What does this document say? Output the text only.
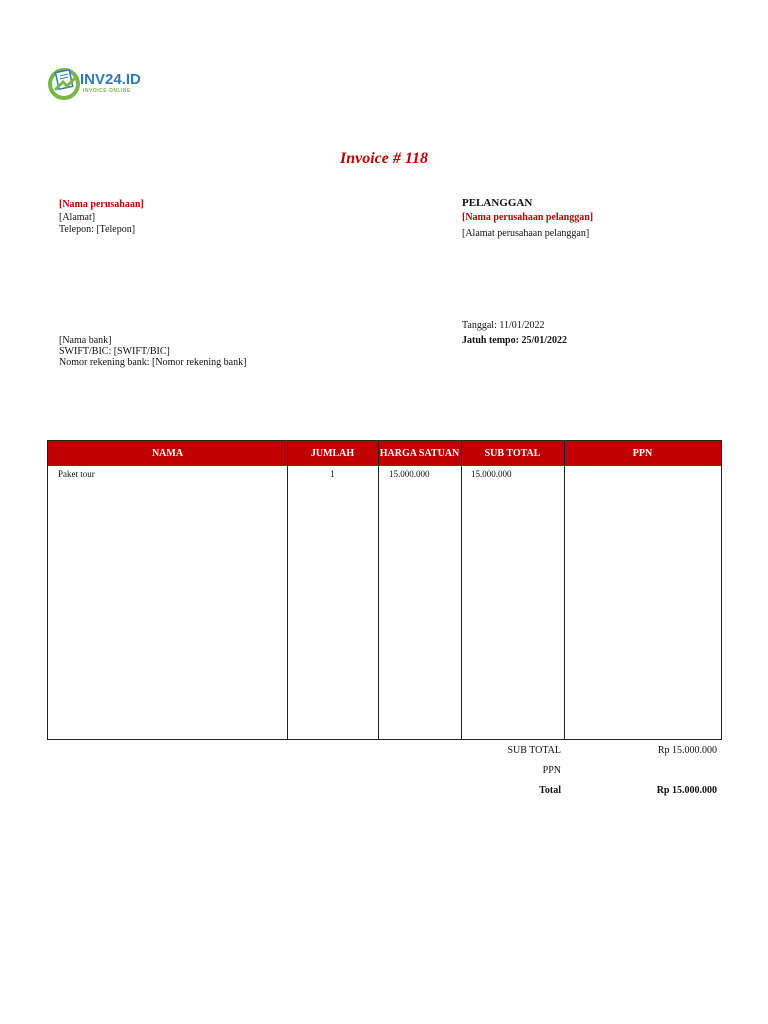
INV24.ID
INVOICE ONLINE
Invoice # 118
[Nama perusahaan]
[Alamat]
Telepon: [Telepon]
PELANGGAN
[Nama perusahaan pelanggan]
[Alamat perusahaan pelanggan]
[Nama bank]
SWIFT/BIC: [SWIFT/BIC]
Nomor rekening bank: [Nomor rekening bank]
Tanggal: 11/01/2022
Jatuh tempo: 25/01/2022
NAMA	JUMLAH	HARGA SATUAN	SUB TOTAL	PPN
Paket tour	1	15.000.000	15.000.000
SUB TOTAL	Rp 15.000.000
PPN
Total	Rp 15.000.000
